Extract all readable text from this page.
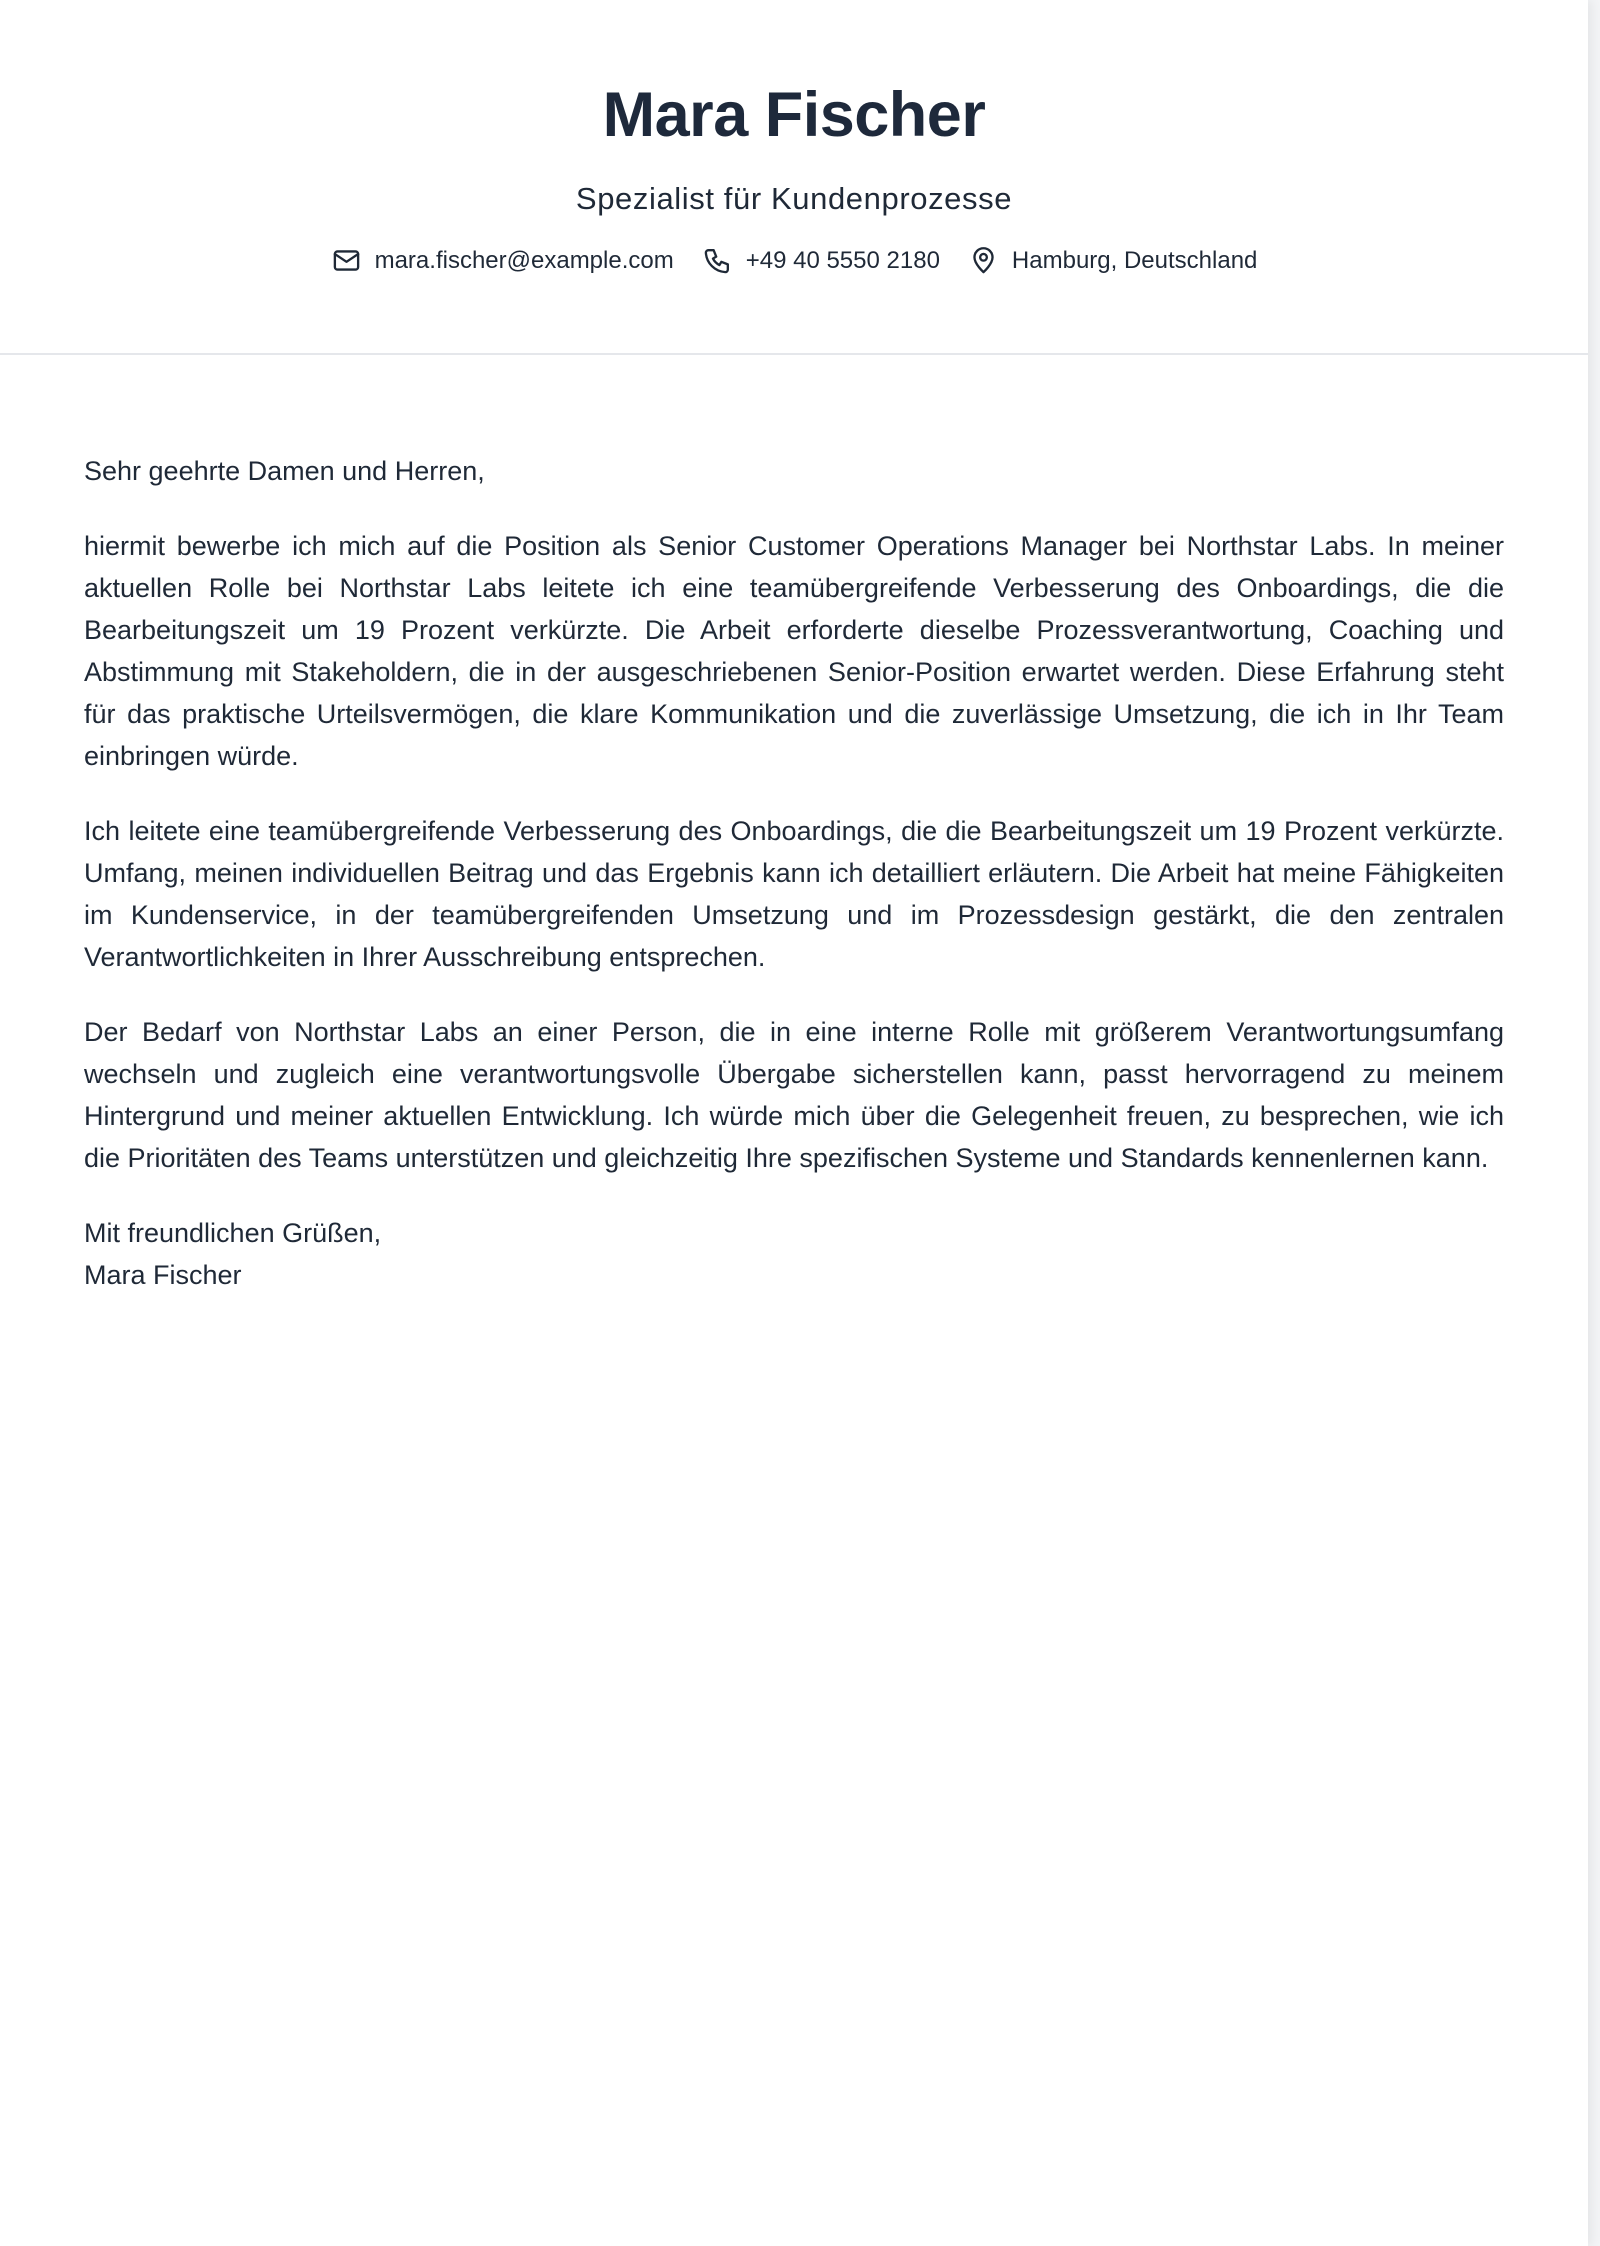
Mara Fischer
Spezialist für Kundenprozesse
mara.fischer@example.com	+49 40 5550 2180	Hamburg, Deutschland

Sehr geehrte Damen und Herren,

hiermit bewerbe ich mich auf die Position als Senior Customer Operations Manager bei Northstar Labs. In meiner aktuellen Rolle bei Northstar Labs leitete ich eine teamübergreifende Verbesserung des Onboardings, die die Bearbeitungszeit um 19 Prozent verkürzte. Die Arbeit erforderte dieselbe Prozessverantwortung, Coaching und Abstimmung mit Stakeholdern, die in der ausgeschriebenen Senior-Position erwartet werden. Diese Erfahrung steht für das praktische Urteilsvermögen, die klare Kommunikation und die zuverlässige Umsetzung, die ich in Ihr Team einbringen würde.

Ich leitete eine teamübergreifende Verbesserung des Onboardings, die die Bearbeitungszeit um 19 Prozent verkürzte. Umfang, meinen individuellen Beitrag und das Ergebnis kann ich detailliert erläutern. Die Arbeit hat meine Fähigkeiten im Kundenservice, in der teamübergreifenden Umsetzung und im Prozessdesign gestärkt, die den zentralen Verantwortlichkeiten in Ihrer Ausschreibung entsprechen.

Der Bedarf von Northstar Labs an einer Person, die in eine interne Rolle mit größerem Verantwortungsumfang wechseln und zugleich eine verantwortungsvolle Übergabe sicherstellen kann, passt hervorragend zu meinem Hintergrund und meiner aktuellen Entwicklung. Ich würde mich über die Gelegenheit freuen, zu besprechen, wie ich die Prioritäten des Teams unterstützen und gleichzeitig Ihre spezifischen Systeme und Standards kennenlernen kann.

Mit freundlichen Grüßen,
Mara Fischer
